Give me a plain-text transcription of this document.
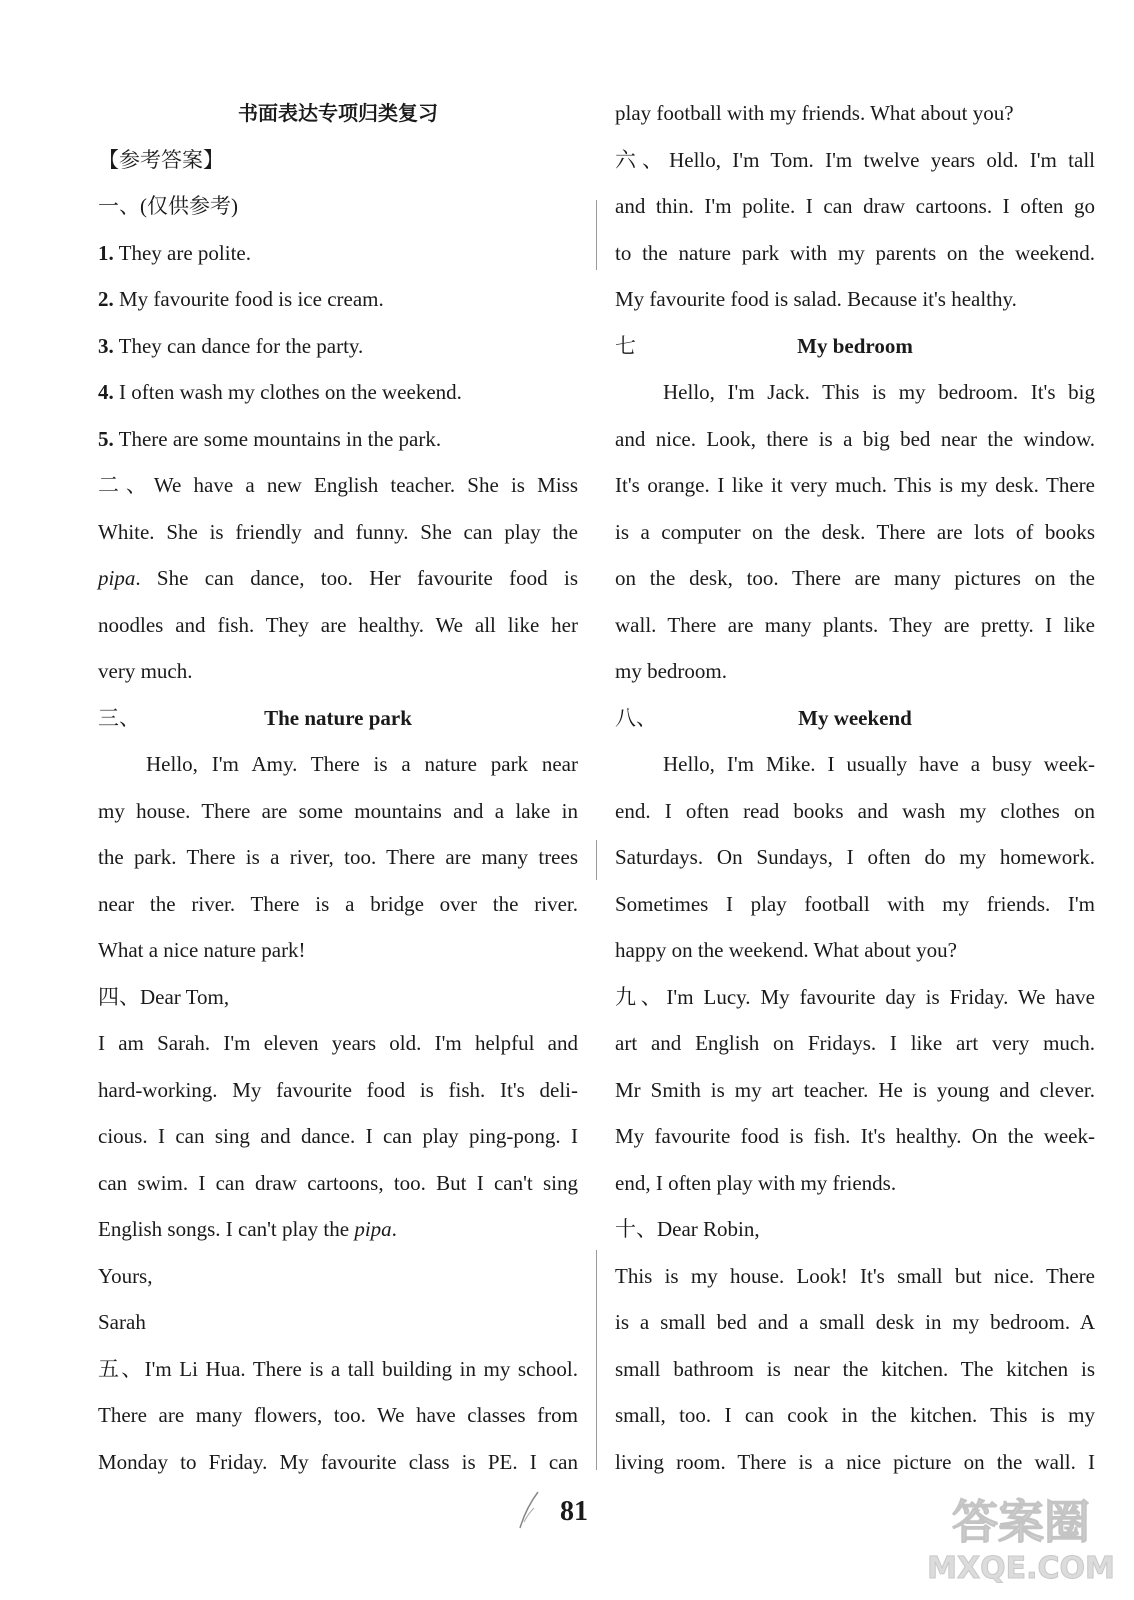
书面表达专项归类复习
【参考答案】
一、(仅供参考)
1. They are polite.
2. My favourite food is ice cream.
3. They can dance for the party.
4. I often wash my clothes on the weekend.
5. There are some mountains in the park.
二、We have a new English teacher. She is Miss
White. She is friendly and funny. She can play the
pipa. She can dance, too. Her favourite food is
noodles and fish. They are healthy. We all like her
very much.
三、	The nature park
Hello, I'm Amy. There is a nature park near
my house. There are some mountains and a lake in
the park. There is a river, too. There are many trees
near the river. There is a bridge over the river.
What a nice nature park!
四、Dear Tom,
I am Sarah. I'm eleven years old. I'm helpful and
hard-working. My favourite food is fish. It's deli-
cious. I can sing and dance. I can play ping-pong. I
can swim. I can draw cartoons, too. But I can't sing
English songs. I can't play the pipa.
Yours,
Sarah
五、I'm Li Hua. There is a tall building in my school.
There are many flowers, too. We have classes from
Monday to Friday. My favourite class is PE. I can
play football with my friends. What about you?
六、Hello, I'm Tom. I'm twelve years old. I'm tall
and thin. I'm polite. I can draw cartoons. I often go
to the nature park with my parents on the weekend.
My favourite food is salad. Because it's healthy.
七	My bedroom
Hello, I'm Jack. This is my bedroom. It's big
and nice. Look, there is a big bed near the window.
It's orange. I like it very much. This is my desk. There
is a computer on the desk. There are lots of books
on the desk, too. There are many pictures on the
wall. There are many plants. They are pretty. I like
my bedroom.
八、	My weekend
Hello, I'm Mike. I usually have a busy week-
end. I often read books and wash my clothes on
Saturdays. On Sundays, I often do my homework.
Sometimes I play football with my friends. I'm
happy on the weekend. What about you?
九、I'm Lucy. My favourite day is Friday. We have
art and English on Fridays. I like art very much.
Mr Smith is my art teacher. He is young and clever.
My favourite food is fish. It's healthy. On the week-
end, I often play with my friends.
十、Dear Robin,
This is my house. Look! It's small but nice. There
is a small bed and a small desk in my bedroom. A
small bathroom is near the kitchen. The kitchen is
small, too. I can cook in the kitchen. This is my
living room. There is a nice picture on the wall. I
81	答案圈
MXQE.COM
